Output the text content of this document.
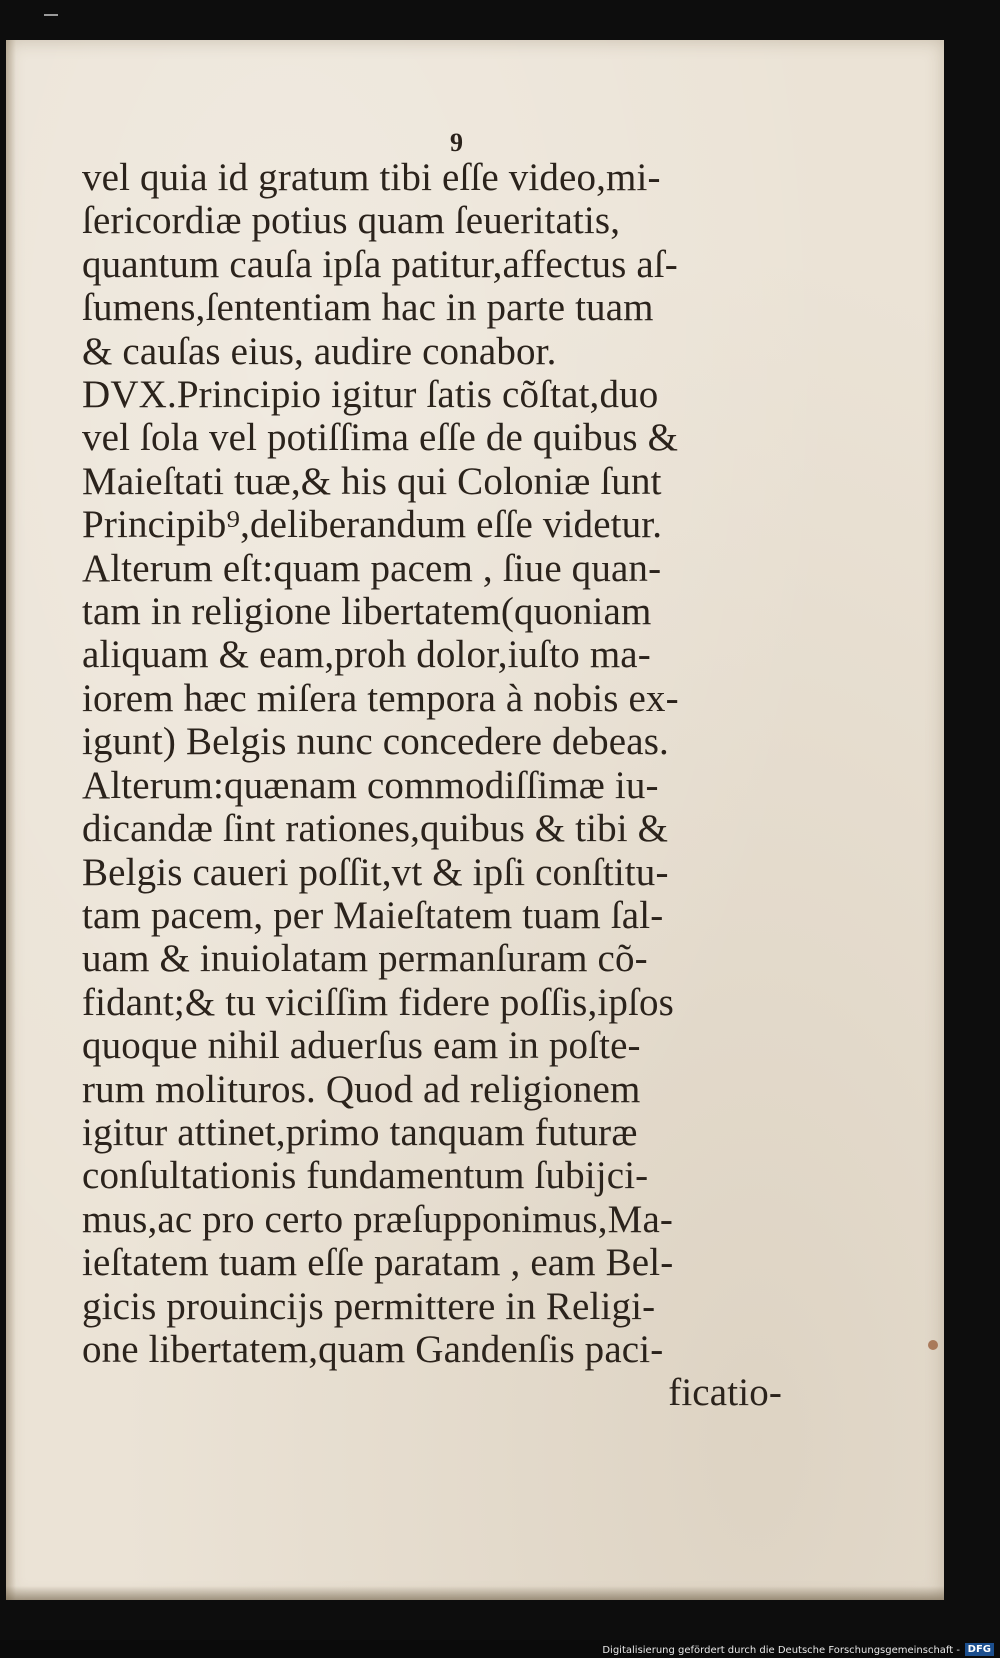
9
vel quia id gratum tibi eſſe video,mi-
ſericordiæ potius quam ſeueritatis,
quantum cauſa ipſa patitur,affectus aſ-
ſumens,ſententiam hac in parte tuam
& cauſas eius, audire conabor.
DVX.Principio igitur ſatis cõſtat,duo
vel ſola vel potiſſima eſſe de quibus &
Maieſtati tuæ,& his qui Coloniæ ſunt
Principib⁹,deliberandum eſſe videtur.
Alterum eſt:quam pacem , ſiue quan-
tam in religione libertatem(quoniam
aliquam & eam,proh dolor,iuſto ma-
iorem hæc miſera tempora à nobis ex-
igunt) Belgis nunc concedere debeas.
Alterum:quænam commodiſſimæ iu-
dicandæ ſint rationes,quibus & tibi &
Belgis caueri poſſit,vt & ipſi conſtitu-
tam pacem, per Maieſtatem tuam ſal-
uam & inuiolatam permanſuram cõ-
fidant;& tu viciſſim fidere poſſis,ipſos
quoque nihil aduerſus eam in poſte-
rum molituros. Quod ad religionem
igitur attinet,primo tanquam futuræ
conſultationis fundamentum ſubijci-
mus,ac pro certo præſupponimus,Ma-
ieſtatem tuam eſſe paratam , eam Bel-
gicis prouincijs permittere in Religi-
one libertatem,quam Gandenſis paci-
ficatio-
Digitalisierung gefördert durch die Deutsche Forschungsgemeinschaft - DFG
